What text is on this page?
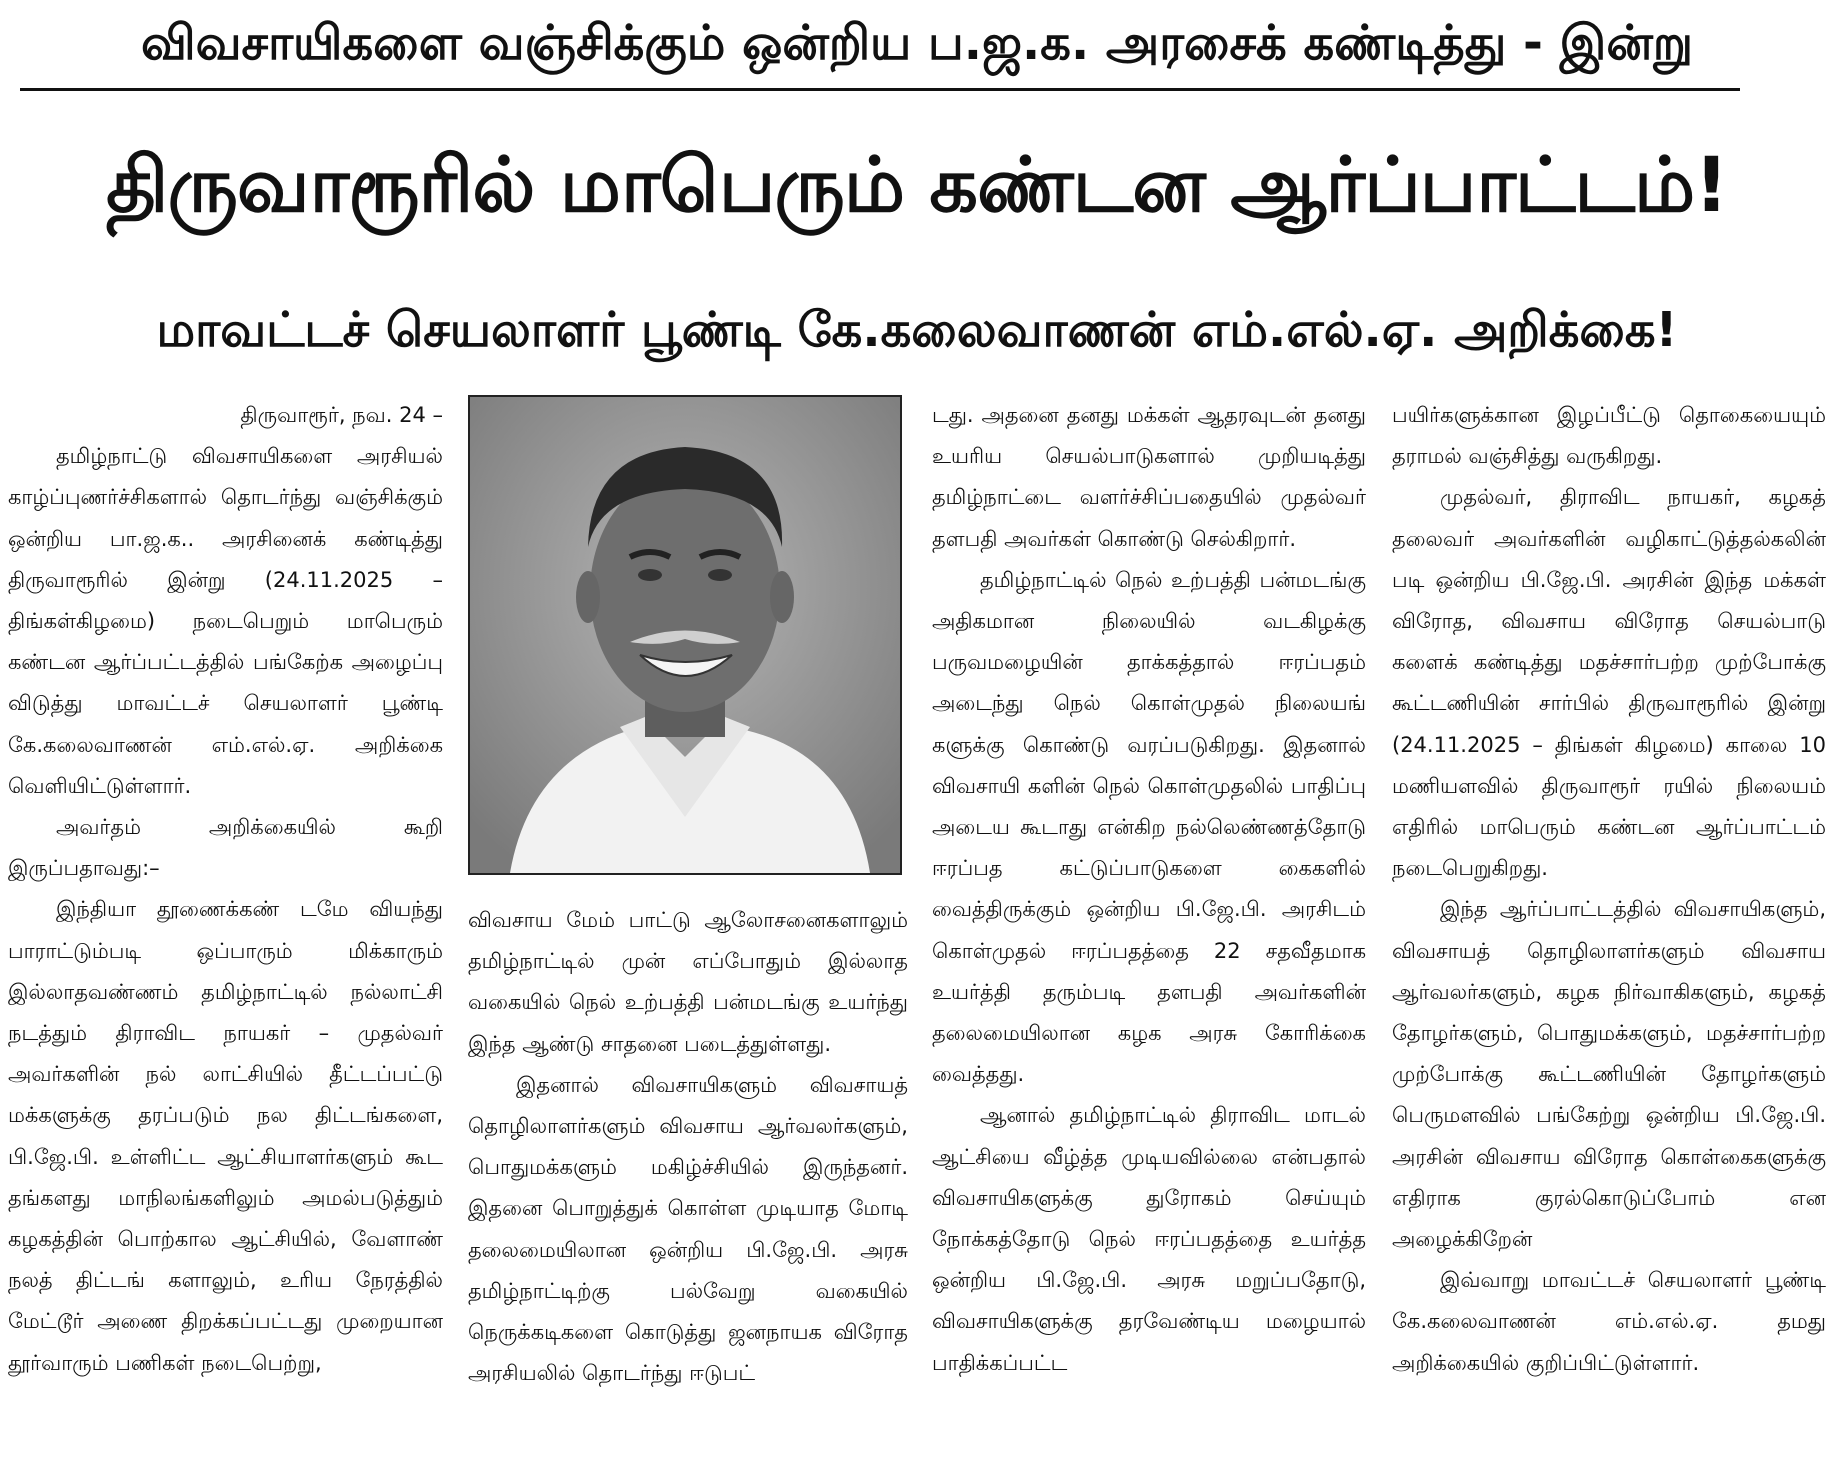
விவசாயிகளை வஞ்சிக்கும் ஒன்றிய ப.ஜ.க. அரசைக் கண்டித்து - இன்று
திருவாரூரில் மாபெரும் கண்டன ஆர்ப்பாட்டம்!
மாவட்டச் செயலாளர் பூண்டி கே.கலைவாணன் எம்.எல்.ஏ. அறிக்கை!

திருவாரூர், நவ. 24 –

தமிழ்நாட்டு விவசாயிகளை அரசியல் காழ்ப்புணர்ச்சிகளால் தொடர்ந்து வஞ்சிக்கும் ஒன்றிய பா.ஜ.க.. அரசினைக் கண்டித்து திருவாரூரில் இன்று (24.11.2025 – திங்கள்கிழமை) நடைபெறும் மாபெரும் கண்டன ஆர்ப்பட்டத்தில் பங்கேற்க அழைப்பு விடுத்து மாவட்டச் செயலாளர் பூண்டி கே.கலைவாணன் எம்.எல்.ஏ. அறிக்கை வெளியிட்டுள்ளார்.

அவர்தம் அறிக்கையில் கூறி இருப்பதாவது:–

இந்தியா தூணைக்கண் டமே வியந்து பாராட்டும்படி ஒப்பாரும் மிக்காரும் இல்லாதவண்ணம் தமிழ்நாட்டில் நல்லாட்சி நடத்தும் திராவிட நாயகர் – முதல்வர் அவர்களின் நல் லாட்சியில் தீட்டப்பட்டு மக்களுக்கு தரப்படும் நல திட்டங்களை, பி.ஜே.பி. உள்ளிட்ட ஆட்சியாளர்களும் கூட தங்களது மாநிலங்களிலும் அமல்படுத்தும் கழகத்தின் பொற்கால ஆட்சியில், வேளாண் நலத் திட்டங் களாலும், உரிய நேரத்தில் மேட்டூர் அணை திறக்கப்பட்டது முறையான தூர்வாரும் பணிகள் நடைபெற்று,

விவசாய மேம் பாட்டு ஆலோசனைகளாலும் தமிழ்நாட்டில் முன் எப்போதும் இல்லாத வகையில் நெல் உற்பத்தி பன்மடங்கு உயர்ந்து இந்த ஆண்டு சாதனை படைத்துள்ளது.

இதனால் விவசாயிகளும் விவசாயத் தொழிலாளர்களும் விவசாய ஆர்வலர்களும், பொதுமக்களும் மகிழ்ச்சியில் இருந்தனர். இதனை பொறுத்துக் கொள்ள முடியாத மோடி தலைமையிலான ஒன்றிய பி.ஜே.பி. அரசு தமிழ்நாட்டிற்கு பல்வேறு வகையில் நெருக்கடிகளை கொடுத்து ஜனநாயக விரோத அரசியலில் தொடர்ந்து ஈடுபட்

டது. அதனை தனது மக்கள் ஆதரவுடன் தனது உயரிய செயல்பாடுகளால் முறியடித்து தமிழ்நாட்டை வளர்ச்சிப்பதையில் முதல்வர் தளபதி அவர்கள் கொண்டு செல்கிறார்.

தமிழ்நாட்டில் நெல் உற்பத்தி பன்மடங்கு அதிகமான நிலையில் வடகிழக்கு பருவமழையின் தாக்கத்தால் ஈரப்பதம் அடைந்து நெல் கொள்முதல் நிலையங் களுக்கு கொண்டு வரப்படுகிறது. இதனால் விவசாயி களின் நெல் கொள்முதலில் பாதிப்பு அடைய கூடாது என்கிற நல்லெண்ணத்தோடு ஈரப்பத கட்டுப்பாடுகளை கைகளில் வைத்திருக்கும் ஒன்றிய பி.ஜே.பி. அரசிடம் கொள்முதல் ஈரப்பதத்தை 22 சதவீதமாக உயர்த்தி தரும்படி தளபதி அவர்களின் தலைமையிலான கழக அரசு கோரிக்கை வைத்தது.

ஆனால் தமிழ்நாட்டில் திராவிட மாடல் ஆட்சியை வீழ்த்த முடியவில்லை என்பதால் விவசாயிகளுக்கு துரோகம் செய்யும் நோக்கத்தோடு நெல் ஈரப்பதத்தை உயர்த்த ஒன்றிய பி.ஜே.பி. அரசு மறுப்பதோடு, விவசாயிகளுக்கு தரவேண்டிய மழையால் பாதிக்கப்பட்ட

பயிர்களுக்கான இழப்பீட்டு தொகையையும் தராமல் வஞ்சித்து வருகிறது.

முதல்வர், திராவிட நாயகர், கழகத் தலைவர் அவர்களின் வழிகாட்டுத்தல்கலின் படி ஒன்றிய பி.ஜே.பி. அரசின் இந்த மக்கள் விரோத, விவசாய விரோத செயல்பாடு களைக் கண்டித்து மதச்சார்பற்ற முற்போக்கு கூட்டணியின் சார்பில் திருவாரூரில் இன்று (24.11.2025 – திங்கள் கிழமை) காலை 10 மணியளவில் திருவாரூர் ரயில் நிலையம் எதிரில் மாபெரும் கண்டன ஆர்ப்பாட்டம் நடைபெறுகிறது.

இந்த ஆர்ப்பாட்டத்தில் விவசாயிகளும், விவசாயத் தொழிலாளர்களும் விவசாய ஆர்வலர்களும், கழக நிர்வாகிகளும், கழகத் தோழர்களும், பொதுமக்களும், மதச்சார்பற்ற முற்போக்கு கூட்டணியின் தோழர்களும் பெருமளவில் பங்கேற்று ஒன்றிய பி.ஜே.பி. அரசின் விவசாய விரோத கொள்கைகளுக்கு எதிராக குரல்கொடுப்போம் என அழைக்கிறேன்

இவ்வாறு மாவட்டச் செயலாளர் பூண்டி கே.கலைவாணன் எம்.எல்.ஏ. தமது அறிக்கையில் குறிப்பிட்டுள்ளார்.
